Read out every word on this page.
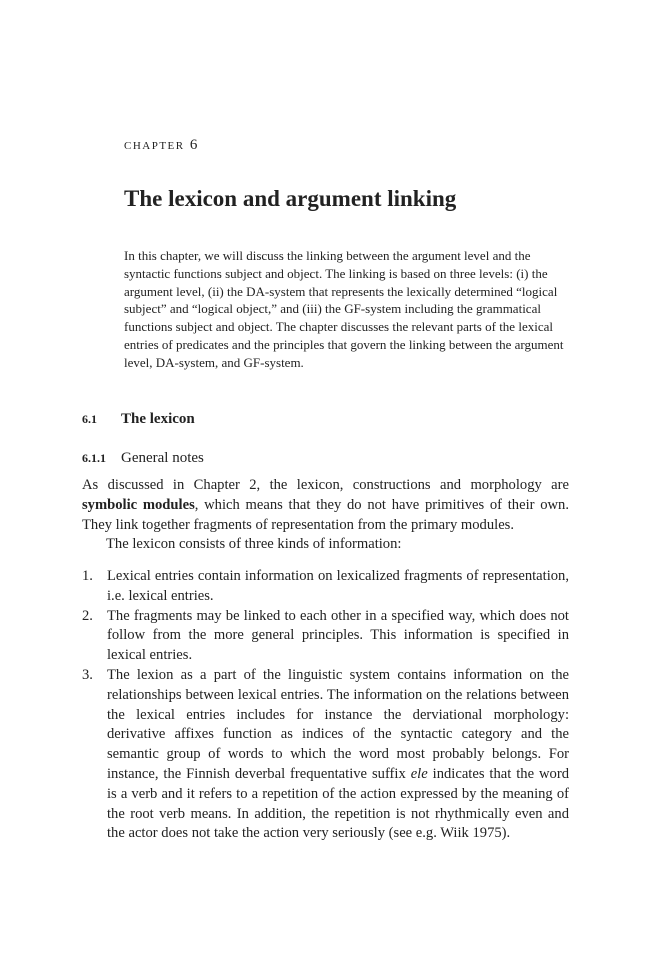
chapter 6
The lexicon and argument linking

In this chapter, we will discuss the linking between the argument level and the syntactic functions subject and object. The linking is based on three levels: (i) the argument level, (ii) the DA-system that represents the lexically determined “logical subject” and “logical object,” and (iii) the GF-system including the grammatical functions subject and object. The chapter discusses the relevant parts of the lexical entries of predicates and the principles that govern the linking between the argument level, DA-system, and GF-system.

6.1 The lexicon
6.1.1 General notes

As discussed in Chapter 2, the lexicon, constructions and morphology are symbolic modules, which means that they do not have primitives of their own. They link together fragments of representation from the primary modules.

The lexicon consists of three kinds of information:

1. Lexical entries contain information on lexicalized fragments of representation, i.e. lexical entries.
2. The fragments may be linked to each other in a specified way, which does not follow from the more general principles. This information is specified in lexical entries.
3. The lexion as a part of the linguistic system contains information on the relationships between lexical entries. The information on the relations between the lexical entries includes for instance the derviational morphology: derivative affixes function as indices of the syntactic category and the semantic group of words to which the word most probably belongs. For instance, the Finnish deverbal frequentative suffix ele indicates that the word is a verb and it refers to a repetition of the action expressed by the meaning of the root verb means. In addition, the repetition is not rhythmically even and the actor does not take the action very seriously (see e.g. Wiik 1975).
